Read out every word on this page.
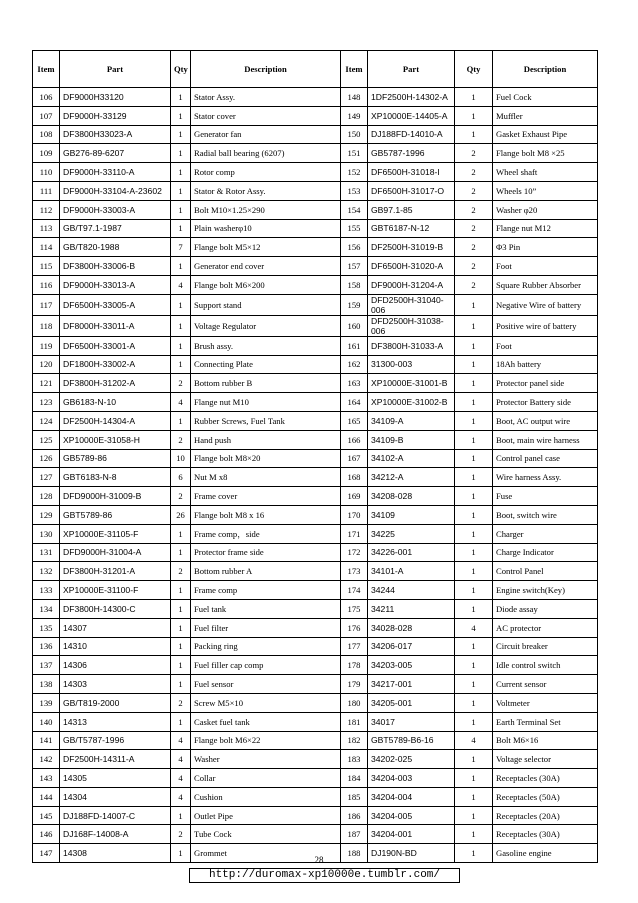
Item	Part	Qty	Description	Item	Part	Qty	Description
106	DF9000H33120	1	Stator Assy.	148	1DF2500H-14302-A	1	Fuel Cock
107	DF9000H-33129	1	Stator cover	149	XP10000E-14405-A	1	Muffler
108	DF3800H33023-A	1	Generator fan	150	DJ188FD-14010-A	1	Gasket Exhaust Pipe
109	GB276-89-6207	1	Radial ball bearing (6207)	151	GB5787-1996	2	Flange bolt M8 ×25
110	DF9000H-33110-A	1	Rotor comp	152	DF6500H-31018-I	2	Wheel shaft
111	DF9000H-33104-A-23602	1	Stator & Rotor Assy.	153	DF6500H-31017-O	2	Wheels 10”
112	DF9000H-33003-A	1	Bolt M10×1.25×290	154	GB97.1-85	2	Washer φ20
113	GB/T97.1-1987	1	Plain washerφ10	155	GBT6187-N-12	2	Flange nut M12
114	GB/T820-1988	7	Flange bolt M5×12	156	DF2500H-31019-B	2	Φ3 Pin
115	DF3800H-33006-B	1	Generator end cover	157	DF6500H-31020-A	2	Foot
116	DF9000H-33013-A	4	Flange bolt M6×200	158	DF9000H-31204-A	2	Square Rubber Absorber
117	DF6500H-33005-A	1	Support stand	159	DFD2500H-31040-006	1	Negative Wire of battery
118	DF8000H-33011-A	1	Voltage Regulator	160	DFD2500H-31038-006	1	Positive wire of battery
119	DF6500H-33001-A	1	Brush assy.	161	DF3800H-31033-A	1	Foot
120	DF1800H-33002-A	1	Connecting Plate	162	31300-003	1	18Ah battery
121	DF3800H-31202-A	2	Bottom rubber B	163	XP10000E-31001-B	1	Protector panel side
123	GB6183-N-10	4	Flange nut M10	164	XP10000E-31002-B	1	Protector Battery side
124	DF2500H-14304-A	1	Rubber Screws, Fuel Tank	165	34109-A	1	Boot, AC output wire
125	XP10000E-31058-H	2	Hand push	166	34109-B	1	Boot, main wire harness
126	GB5789-86	10	Flange bolt M8×20	167	34102-A	1	Control panel case
127	GBT6183-N-8	6	Nut M x8	168	34212-A	1	Wire harness Assy.
128	DFD9000H-31009-B	2	Frame cover	169	34208-028	1	Fuse
129	GBT5789-86	26	Flange bolt M8 x 16	170	34109	1	Boot, switch wire
130	XP10000E-31105-F	1	Frame comp，side	171	34225	1	Charger
131	DFD9000H-31004-A	1	Protector frame side	172	34226-001	1	Charge Indicator
132	DF3800H-31201-A	2	Bottom rubber A	173	34101-A	1	Control Panel
133	XP10000E-31100-F	1	Frame comp	174	34244	1	Engine switch(Key)
134	DF3800H-14300-C	1	Fuel tank	175	34211	1	Diode assay
135	14307	1	Fuel filter	176	34028-028	4	AC protector
136	14310	1	Packing ring	177	34206-017	1	Circuit breaker
137	14306	1	Fuel filler cap comp	178	34203-005	1	Idle control switch
138	14303	1	Fuel sensor	179	34217-001	1	Current sensor
139	GB/T819-2000	2	Screw M5×10	180	34205-001	1	Voltmeter
140	14313	1	Casket fuel tank	181	34017	1	Earth Terminal Set
141	GB/T5787-1996	4	Flange bolt M6×22	182	GBT5789-B6-16	4	Bolt M6×16
142	DF2500H-14311-A	4	Washer	183	34202-025	1	Voltage selector
143	14305	4	Collar	184	34204-003	1	Receptacles (30A)
144	14304	4	Cushion	185	34204-004	1	Receptacles (50A)
145	DJ188FD-14007-C	1	Outlet Pipe	186	34204-005	1	Receptacles (20A)
146	DJ168F-14008-A	2	Tube Cock	187	34204-001	1	Receptacles (30A)
147	14308	1	Grommet	188	DJ190N-BD	1	Gasoline engine
28
http://duromax-xp10000e.tumblr.com/
